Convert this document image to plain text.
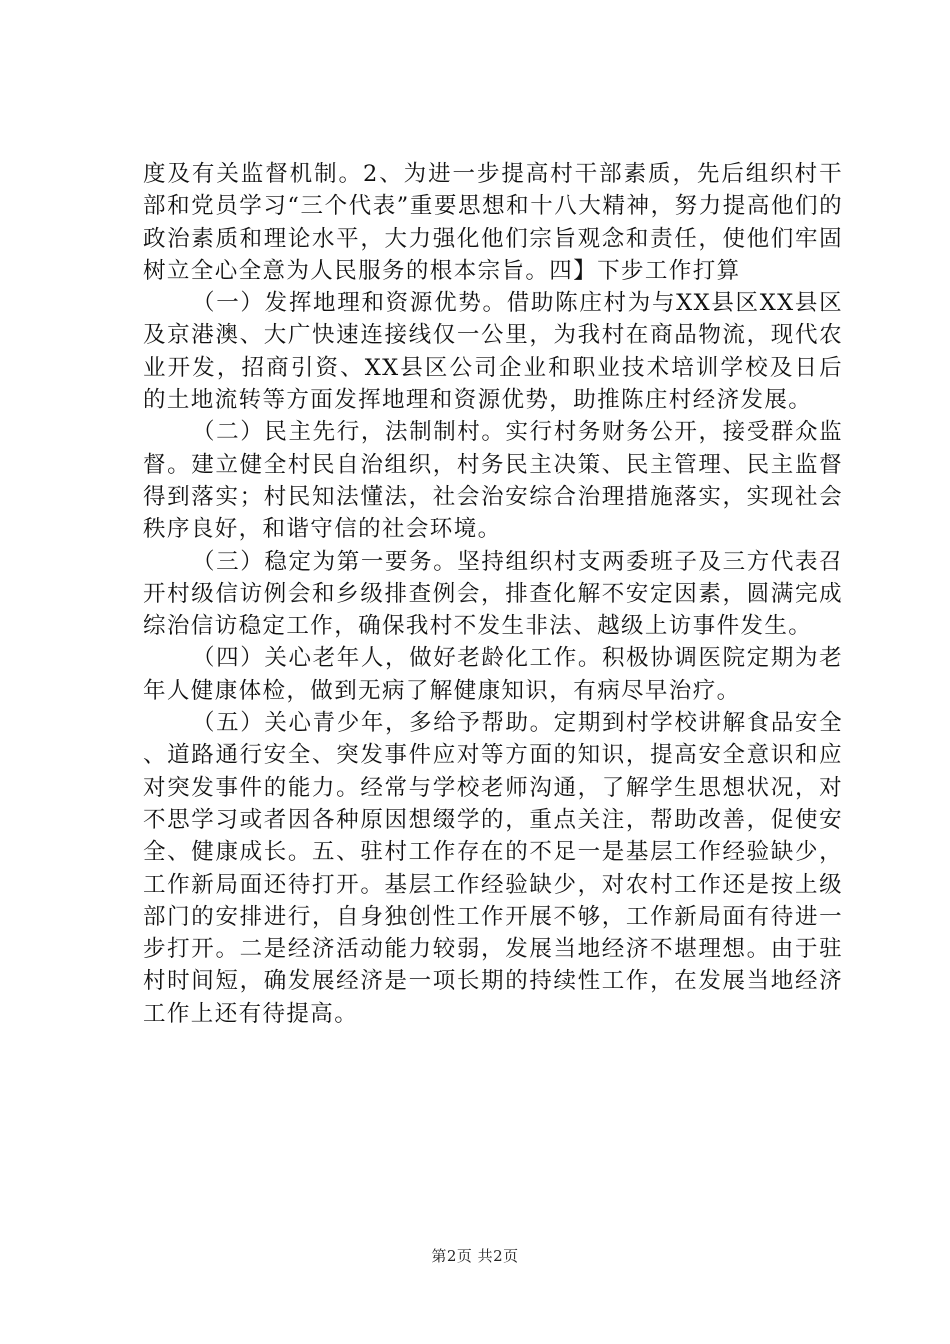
度及有关监督机制。2、为进一步提高村干部素质，先后组织村干部和党员学习“三个代表”重要思想和十八大精神，努力提高他们的政治素质和理论水平，大力强化他们宗旨观念和责任，使他们牢固树立全心全意为人民服务的根本宗旨。四】下步工作打算

（一）发挥地理和资源优势。借助陈庄村为与XX县区XX县区及京港澳、大广快速连接线仅一公里，为我村在商品物流，现代农业开发，招商引资、XX县区公司企业和职业技术培训学校及日后的土地流转等方面发挥地理和资源优势，助推陈庄村经济发展。

（二）民主先行，法制制村。实行村务财务公开，接受群众监督。建立健全村民自治组织，村务民主决策、民主管理、民主监督得到落实；村民知法懂法，社会治安综合治理措施落实，实现社会秩序良好，和谐守信的社会环境。

（三）稳定为第一要务。坚持组织村支两委班子及三方代表召开村级信访例会和乡级排查例会，排查化解不安定因素，圆满完成综治信访稳定工作，确保我村不发生非法、越级上访事件发生。

（四）关心老年人，做好老龄化工作。积极协调医院定期为老年人健康体检，做到无病了解健康知识，有病尽早治疗。

（五）关心青少年，多给予帮助。定期到村学校讲解食品安全、道路通行安全、突发事件应对等方面的知识，提高安全意识和应对突发事件的能力。经常与学校老师沟通，了解学生思想状况，对不思学习或者因各种原因想缀学的，重点关注，帮助改善，促使安全、健康成长。五、驻村工作存在的不足一是基层工作经验缺少，工作新局面还待打开。基层工作经验缺少，对农村工作还是按上级部门的安排进行，自身独创性工作开展不够，工作新局面有待进一步打开。二是经济活动能力较弱，发展当地经济不堪理想。由于驻村时间短，确发展经济是一项长期的持续性工作，在发展当地经济工作上还有待提高。

第2页 共2页
